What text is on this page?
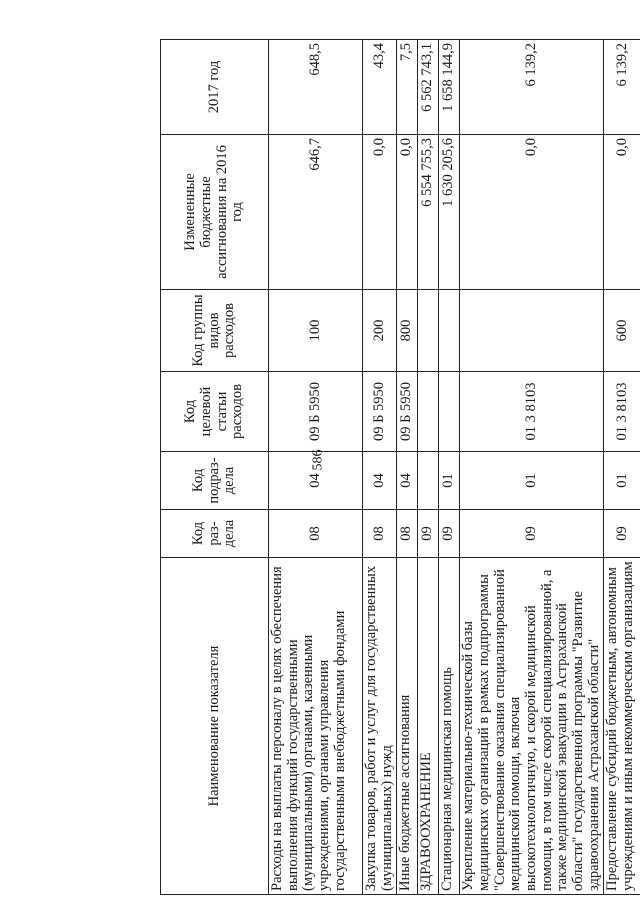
586
Наименование показателя	Код раз-дела	Код подраз-дела	Код целевой статьи расходов	Код группы видов расходов	Измененные бюджетные ассигнования на 2016 год	2017 год
Расходы на выплаты персоналу в целях обеспечения выполнения функций государственными (муниципальными) органами, казенными учреждениями, органами управления государственными внебюджетными фондами	08	04	09 Б 5950	100	646,7	648,5
Закупка товаров, работ и услуг для государственных (муниципальных) нужд	08	04	09 Б 5950	200	0,0	43,4
Иные бюджетные ассигнования	08	04	09 Б 5950	800	0,0	7,5
ЗДРАВООХРАНЕНИЕ	09				6 554 755,3	6 562 743,1
Стационарная медицинская помощь	09	01			1 630 205,6	1 658 144,9
Укрепление материально-технической базы медицинских организаций в рамках подпрограммы "Совершенствование оказания специализированной медицинской помощи, включая высокотехнологичную, и скорой медицинской помощи, в том числе скорой специализированной, а также медицинской эвакуации в Астраханской области" государственной программы "Развитие здравоохранения Астраханской области"	09	01	01 3 8103		0,0	6 139,2
Предоставление субсидий бюджетным, автономным учреждениям и иным некоммерческим организациям	09	01	01 3 8103	600	0,0	6 139,2
